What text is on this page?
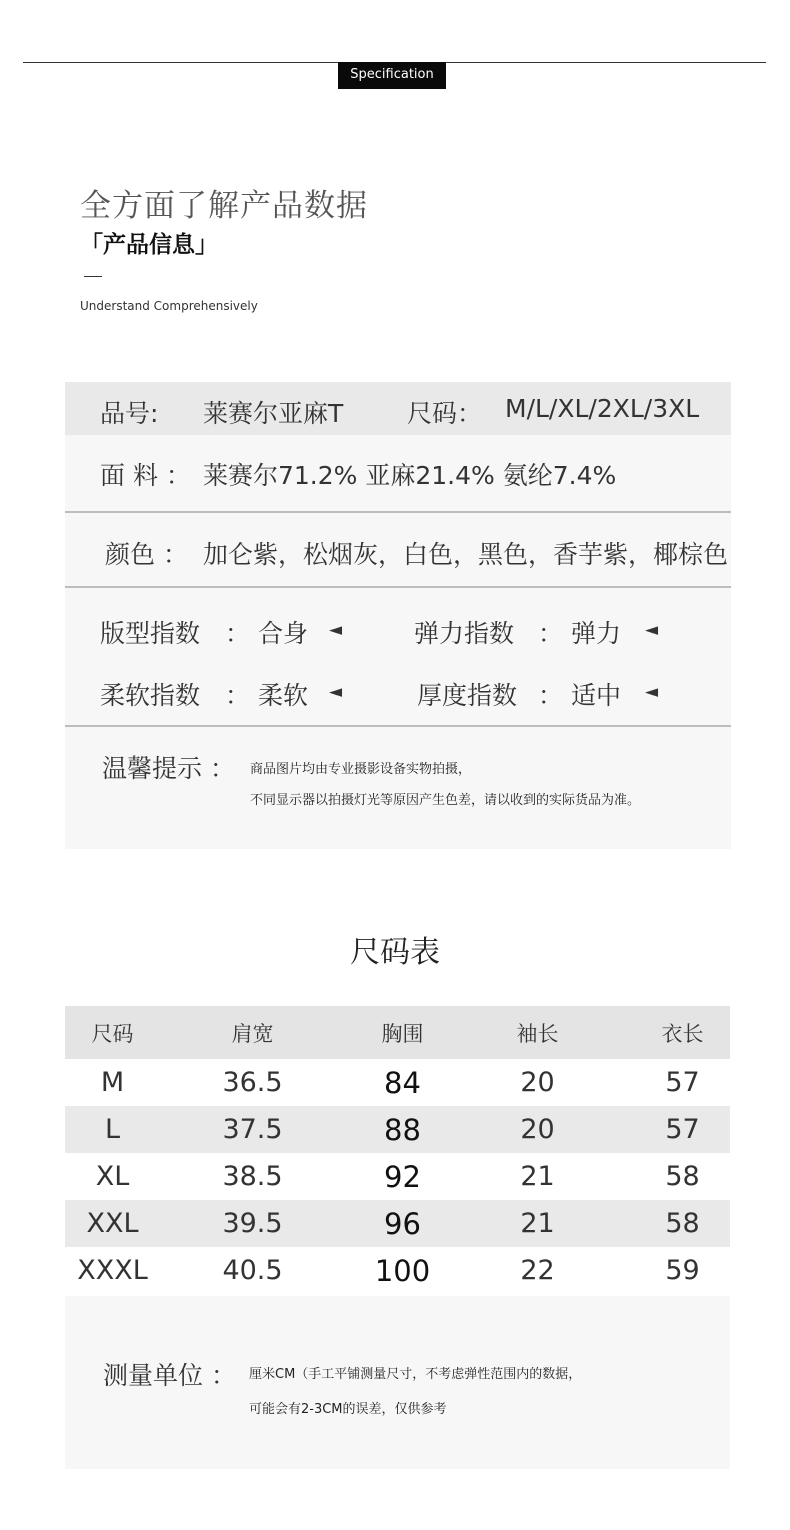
Specification
全方面了解产品数据
「产品信息」
Understand Comprehensively
品号: 莱赛尔亚麻T	尺码： M/L/XL/2XL/3XL
面 料 ： 莱赛尔71.2% 亚麻21.4% 氨纶7.4%
颜色 ： 加仑紫，松烟灰，白色，黑色，香芋紫，椰棕色
版型指数 ： 合身 ◄	弹力指数 ： 弹力 ◄
柔软指数 ： 柔软 ◄	厚度指数 ： 适中 ◄
温馨提示 ： 商品图片均由专业摄影设备实物拍摄，
不同显示器以拍摄灯光等原因产生色差，请以收到的实际货品为准。
尺码表
尺码	肩宽	胸围	袖长	衣长
M	36.5	84	20	57
L	37.5	88	20	57
XL	38.5	92	21	58
XXL	39.5	96	21	58
XXXL	40.5	100	22	59
测量单位 ： 厘米CM（手工平铺测量尺寸，不考虑弹性范围内的数据，
可能会有2-3CM的误差，仅供参考
